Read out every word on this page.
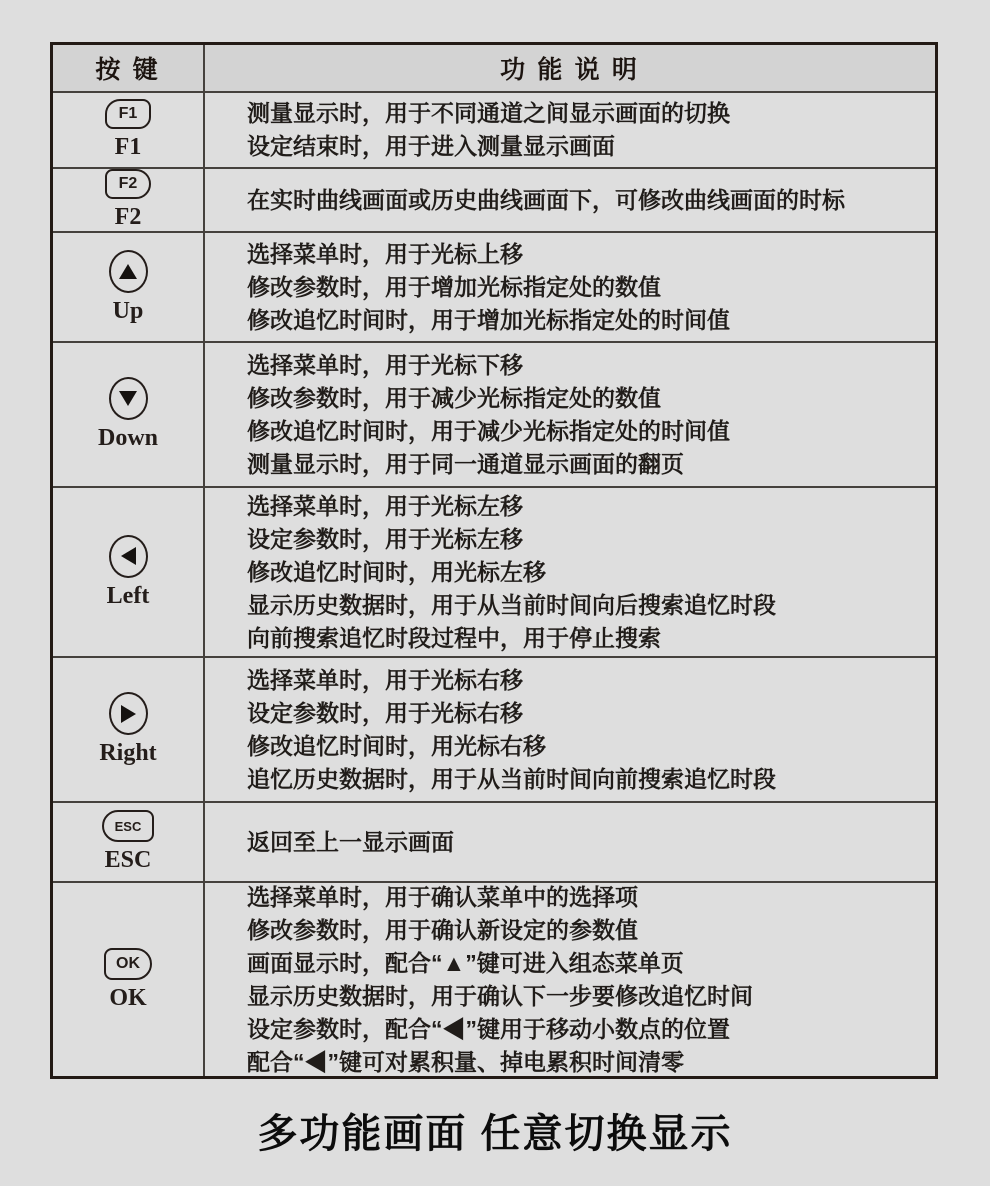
按 键	功 能 说 明
F1
F1
测量显示时，用于不同通道之间显示画面的切换
设定结束时，用于进入测量显示画面
F2
F2
在实时曲线画面或历史曲线画面下，可修改曲线画面的时标
Up
选择菜单时，用于光标上移
修改参数时，用于增加光标指定处的数值
修改追忆时间时，用于增加光标指定处的时间值
Down
选择菜单时，用于光标下移
修改参数时，用于减少光标指定处的数值
修改追忆时间时，用于减少光标指定处的时间值
测量显示时，用于同一通道显示画面的翻页
Left
选择菜单时，用于光标左移
设定参数时，用于光标左移
修改追忆时间时，用光标左移
显示历史数据时，用于从当前时间向后搜索追忆时段
向前搜索追忆时段过程中，用于停止搜索
Right
选择菜单时，用于光标右移
设定参数时，用于光标右移
修改追忆时间时，用光标右移
追忆历史数据时，用于从当前时间向前搜索追忆时段
ESC
ESC
返回至上一显示画面
OK
OK
选择菜单时，用于确认菜单中的选择项
修改参数时，用于确认新设定的参数值
画面显示时，配合“▲”键可进入组态菜单页
显示历史数据时，用于确认下一步要修改追忆时间
设定参数时，配合“◀”键用于移动小数点的位置
配合“◀”键可对累积量、掉电累积时间清零
多功能画面 任意切换显示
